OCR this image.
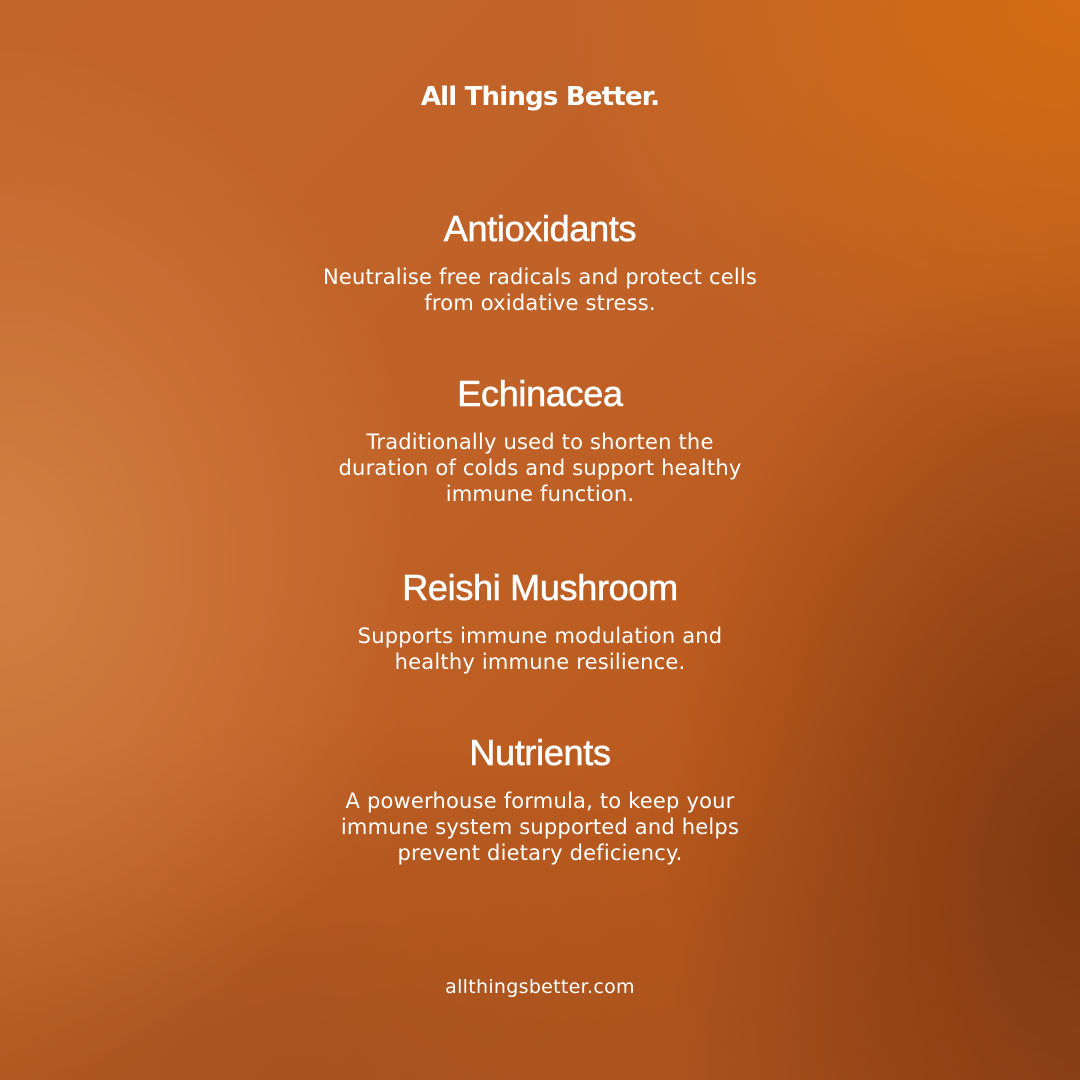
All Things Better.
Antioxidants

Neutralise free radicals and protect cells from oxidative stress.

Echinacea

Traditionally used to shorten the duration of colds and support healthy immune function.

Reishi Mushroom

Supports immune modulation and healthy immune resilience.

Nutrients

A powerhouse formula, to keep your immune system supported and helps prevent dietary deficiency.

allthingsbetter.com
